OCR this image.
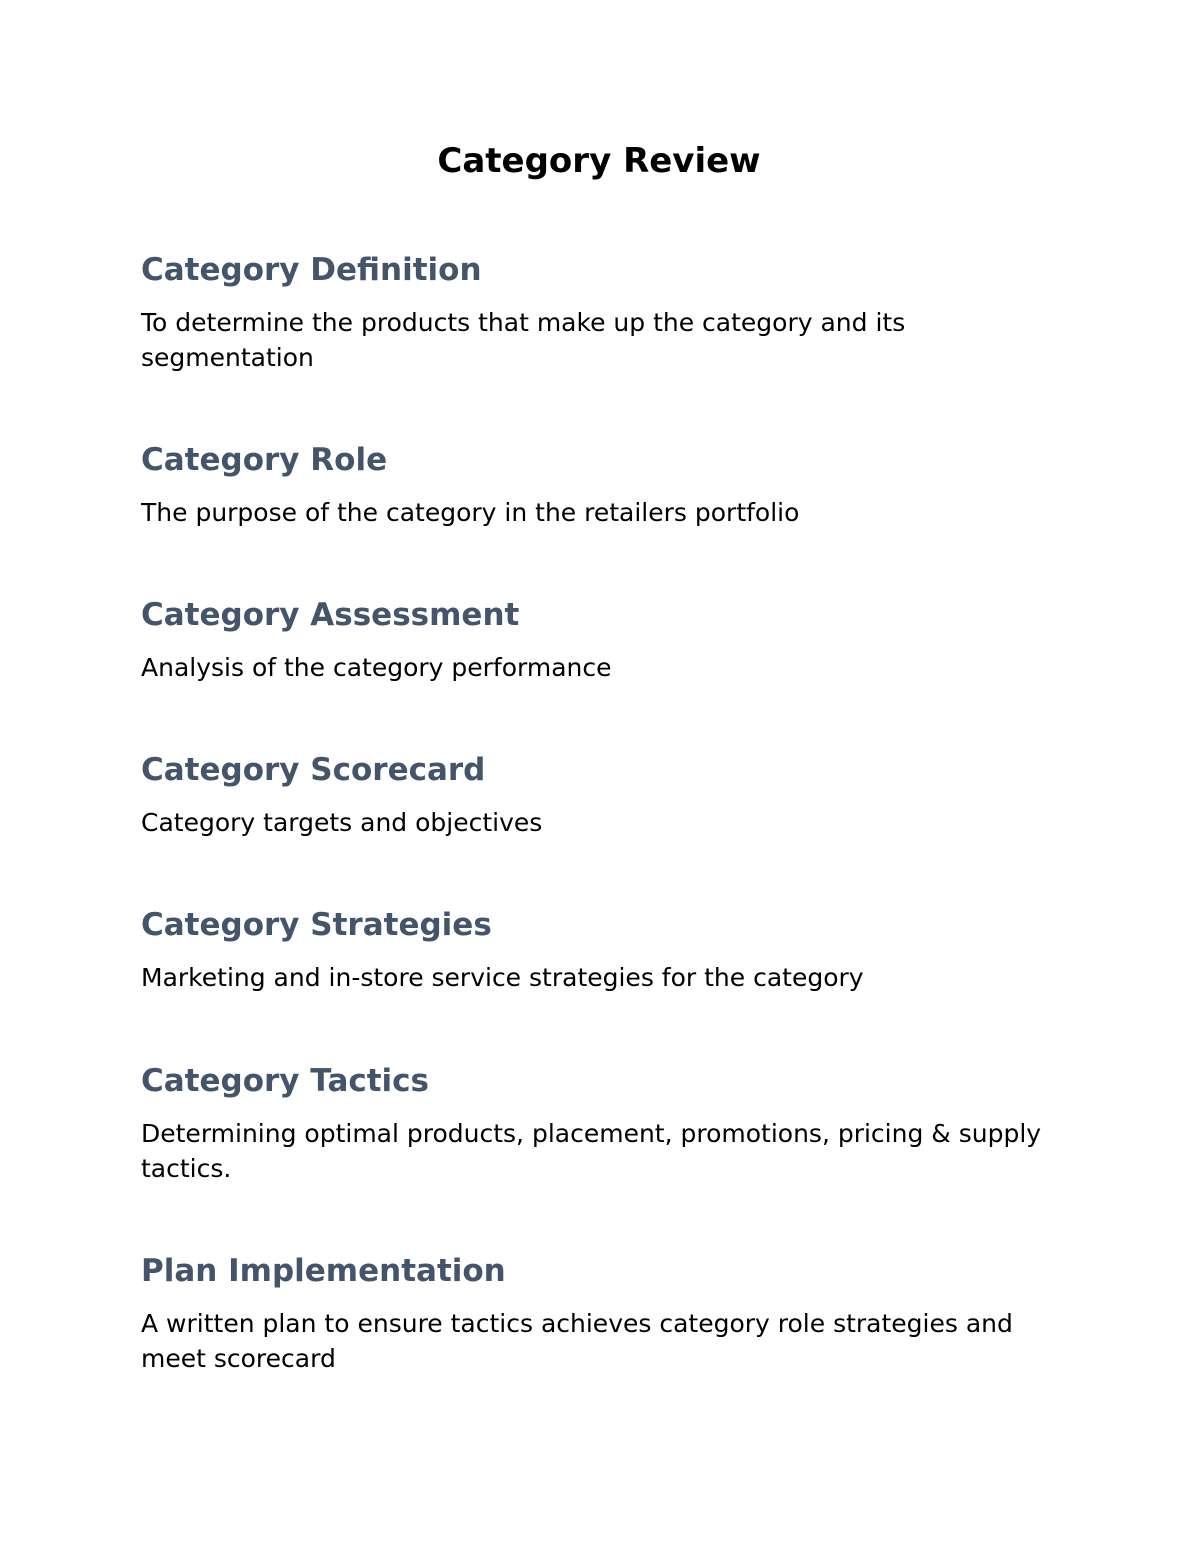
Category Review
Category Definition

To determine the products that make up the category and its segmentation

Category Role

The purpose of the category in the retailers portfolio

Category Assessment

Analysis of the category performance

Category Scorecard

Category targets and objectives

Category Strategies

Marketing and in-store service strategies for the category

Category Tactics

Determining optimal products, placement, promotions, pricing & supply tactics.

Plan Implementation

A written plan to ensure tactics achieves category role strategies and meet scorecard
